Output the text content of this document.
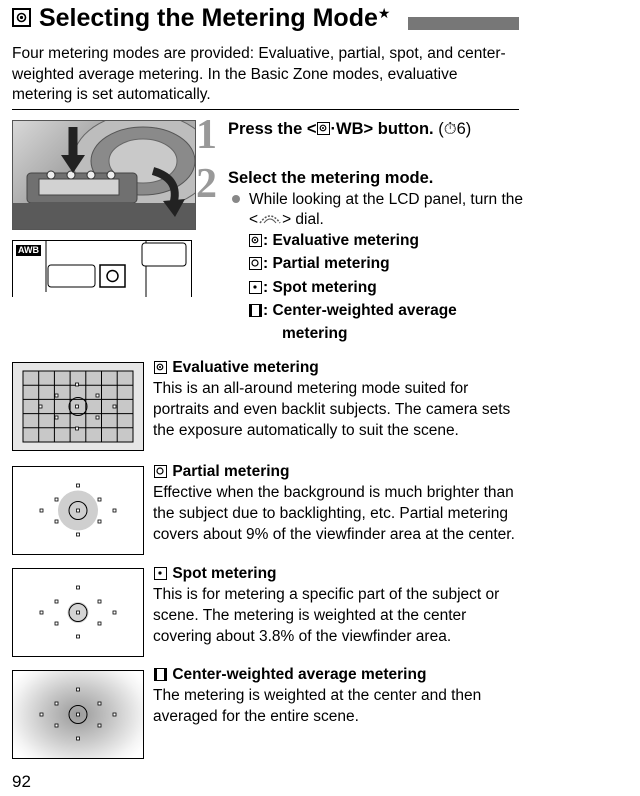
Selecting the Metering Mode★
Four metering modes are provided: Evaluative, partial, spot, and center-weighted average metering. In the Basic Zone modes, evaluative metering is set automatically.
AWB
1 Press the < ·WB> button. (⏱6)
2 Select the metering mode.
While looking at the LCD panel, turn the < > dial.
: Evaluative metering
: Partial metering
: Spot metering
: Center-weighted average
metering
Evaluative metering
This is an all-around metering mode suited for portraits and even backlit subjects. The camera sets the exposure automatically to suit the scene.
Partial metering
Effective when the background is much brighter than the subject due to backlighting, etc. Partial metering covers about 9% of the viewfinder area at the center.
Spot metering
This is for metering a specific part of the subject or scene. The metering is weighted at the center covering about 3.8% of the viewfinder area.
Center-weighted average metering
The metering is weighted at the center and then averaged for the entire scene.
92
